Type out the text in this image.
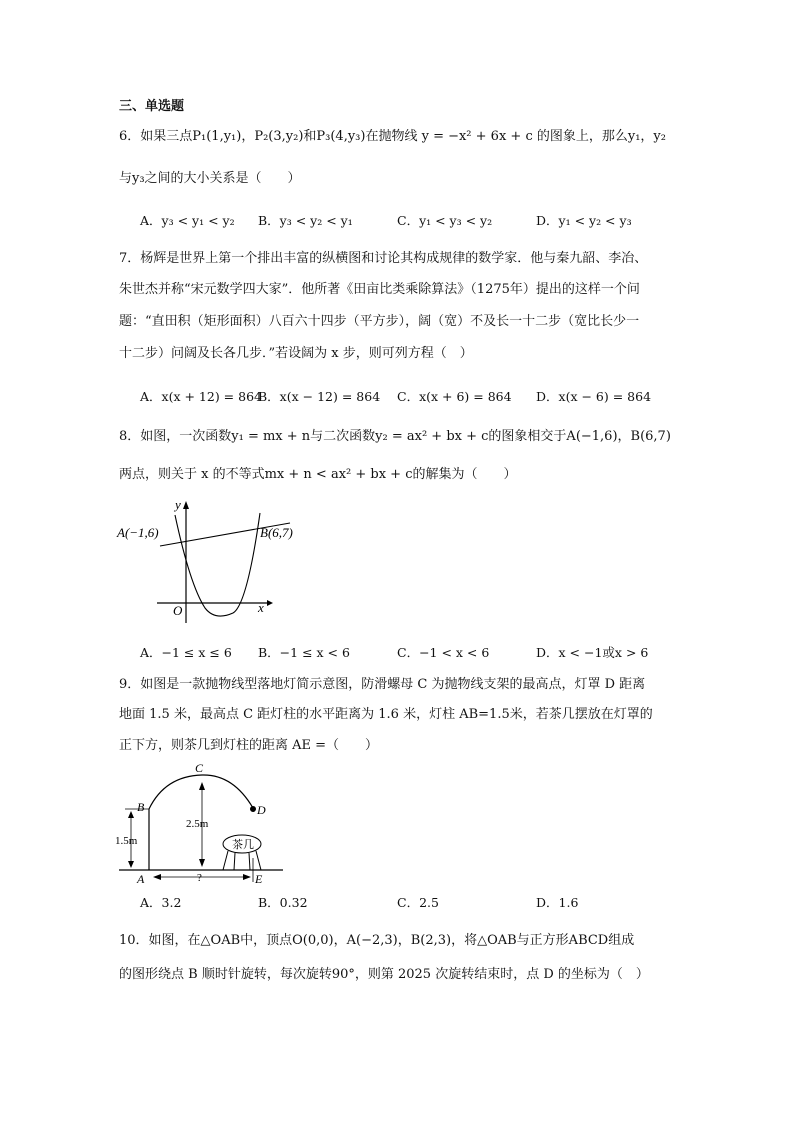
三、单选题
6．如果三点P₁(1,y₁)，P₂(3,y₂)和P₃(4,y₃)在抛物线 y = −x² + 6x + c 的图象上，那么y₁，y₂
与y₃之间的大小关系是（　　）
A．y₃ < y₁ < y₂ B．y₃ < y₂ < y₁	C．y₁ < y₃ < y₂	D．y₁ < y₂ < y₃
7．杨辉是世界上第一个排出丰富的纵横图和讨论其构成规律的数学家．他与秦九韶、李冶、
朱世杰并称“宋元数学四大家”．他所著《田亩比类乘除算法》（1275年）提出的这样一个问
题：“直田积（矩形面积）八百六十四步（平方步），阔（宽）不及长一十二步（宽比长少一
十二步）问阔及长各几步．”若设阔为 x 步，则可列方程（　）
A．x(x + 12) = 864
B．x(x − 12) = 864 C．x(x + 6) = 864 D．x(x − 6) = 864
8．如图，一次函数y₁ = mx + n与二次函数y₂ = ax² + bx + c的图象相交于A(−1,6)，B(6,7)
两点，则关于 x 的不等式mx + n < ax² + bx + c的解集为（　　）
y
x
O
A(−1,6)	B(6,7)
A．−1 ≤ x ≤ 6 B．−1 ≤ x < 6	C．−1 < x < 6	D．x < −1或x > 6
9．如图是一款抛物线型落地灯简示意图，防滑螺母 C 为抛物线支架的最高点，灯罩 D 距离
地面 1.5 米，最高点 C 距灯柱的水平距离为 1.6 米，灯柱 AB=1.5米，若茶几摆放在灯罩的
正下方，则茶几到灯柱的距离 AE =（　　）
C
B	D
A	E
1.5m
2.5m
?
茶几
A．3.2	B．0.32	C．2.5	D．1.6
10．如图，在△OAB中，顶点O(0,0)，A(−2,3)，B(2,3)，将△OAB与正方形ABCD组成
的图形绕点 B 顺时针旋转，每次旋转90°，则第 2025 次旋转结束时，点 D 的坐标为（　）
